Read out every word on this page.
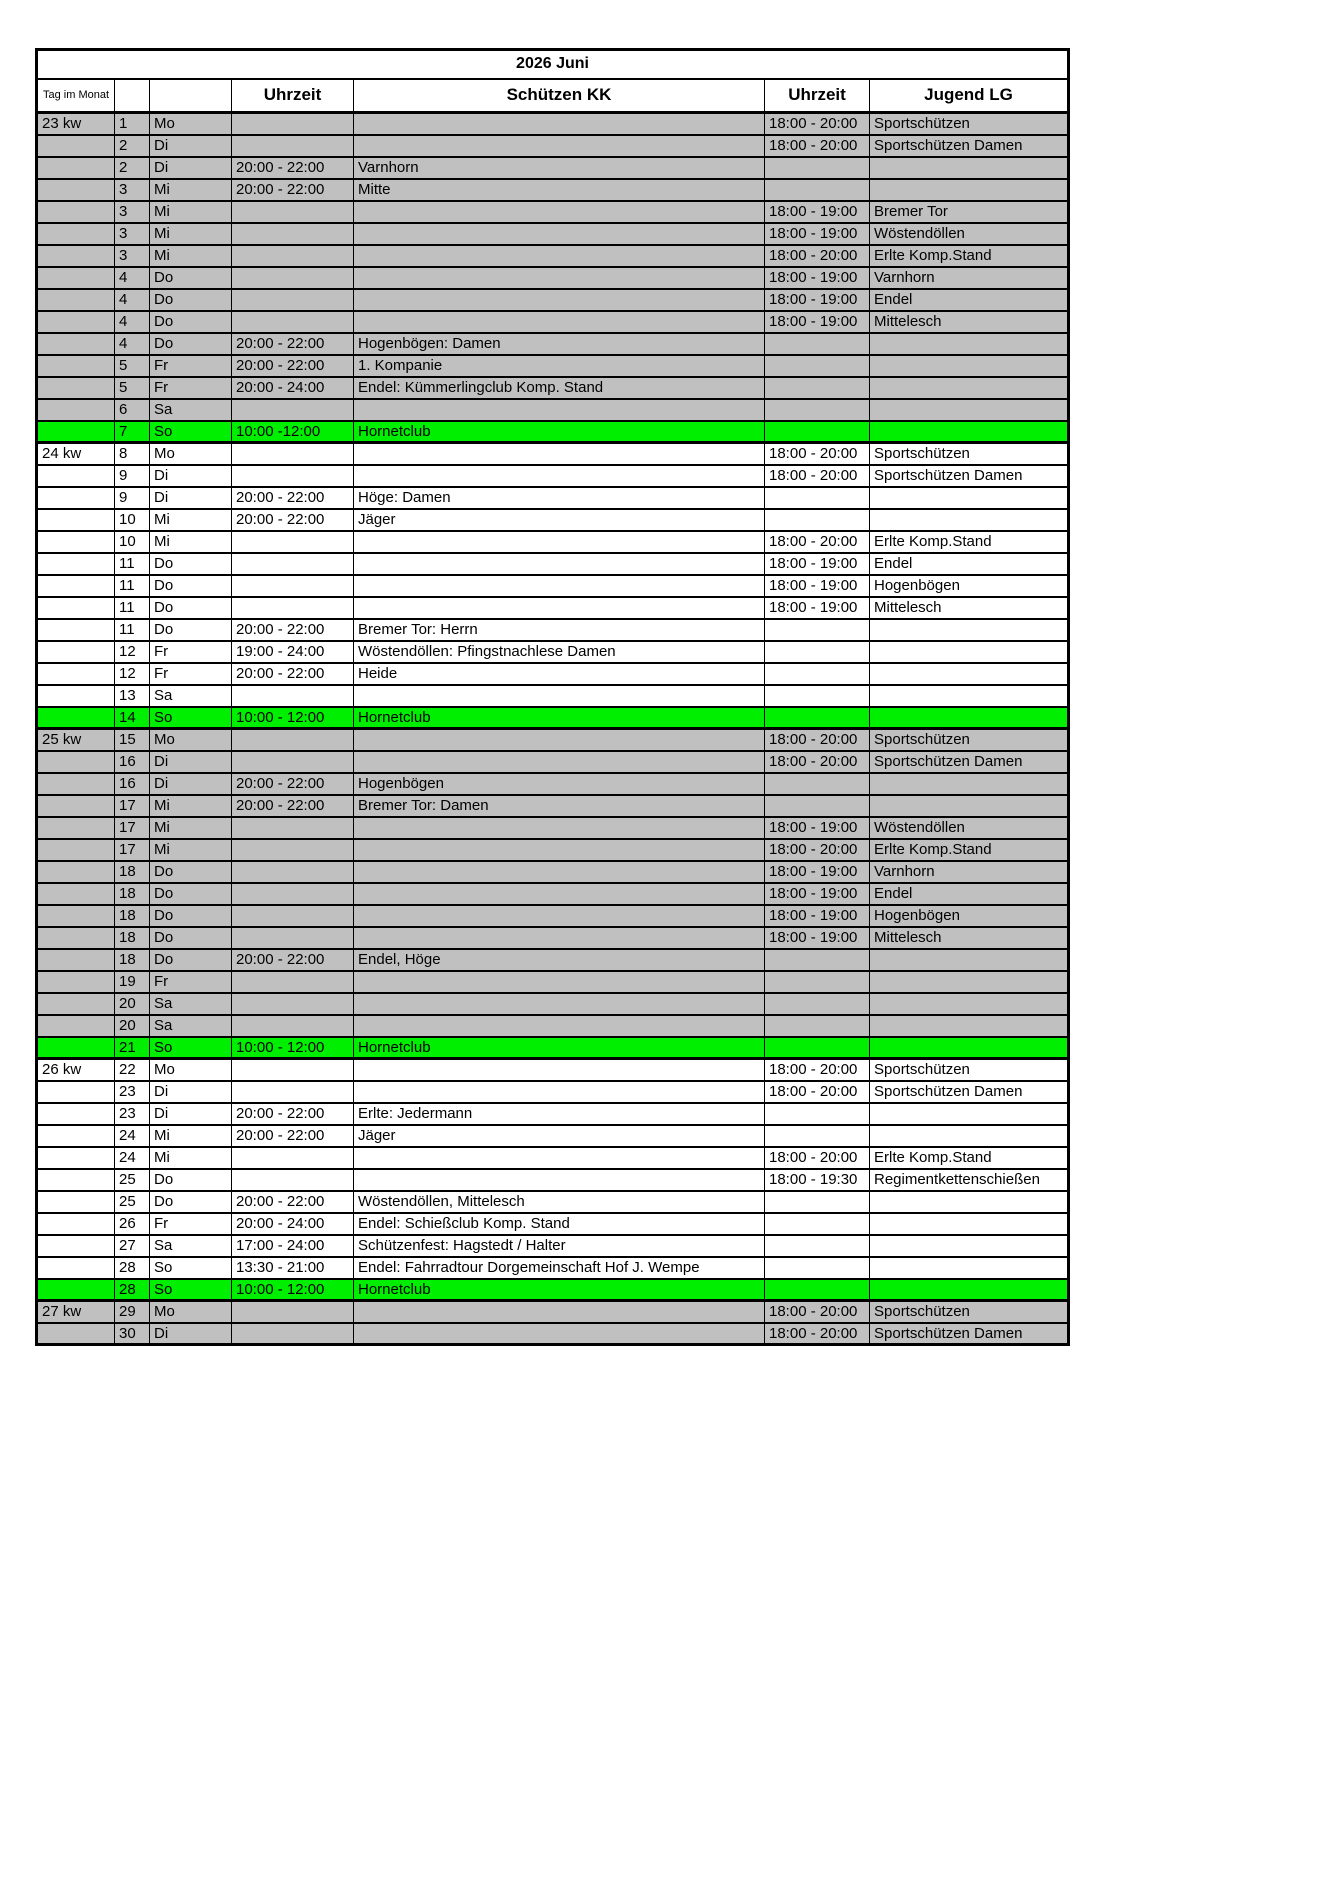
2026 Juni						
Tag im Monat			Uhrzeit	Schützen KK	Uhrzeit	Jugend LG
23 kw	1	Mo			18:00 - 20:00	Sportschützen
	2	Di			18:00 - 20:00	Sportschützen Damen
	2	Di	20:00 - 22:00	Varnhorn		
	3	Mi	20:00 - 22:00	Mitte		
	3	Mi			18:00 - 19:00	Bremer Tor
	3	Mi			18:00 - 19:00	Wöstendöllen
	3	Mi			18:00 - 20:00	Erlte Komp.Stand
	4	Do			18:00 - 19:00	Varnhorn
	4	Do			18:00 - 19:00	Endel
	4	Do			18:00 - 19:00	Mittelesch
	4	Do	20:00 - 22:00	Hogenbögen: Damen		
	5	Fr	20:00 - 22:00	1. Kompanie		
	5	Fr	20:00 - 24:00	Endel: Kümmerlingclub Komp. Stand		
	6	Sa				
	7	So	10:00 -12:00	Hornetclub		
24 kw	8	Mo			18:00 - 20:00	Sportschützen
	9	Di			18:00 - 20:00	Sportschützen Damen
	9	Di	20:00 - 22:00	Höge: Damen		
	10	Mi	20:00 - 22:00	Jäger		
	10	Mi			18:00 - 20:00	Erlte Komp.Stand
	11	Do			18:00 - 19:00	Endel
	11	Do			18:00 - 19:00	Hogenbögen
	11	Do			18:00 - 19:00	Mittelesch
	11	Do	20:00 - 22:00	Bremer Tor: Herrn		
	12	Fr	19:00 - 24:00	Wöstendöllen: Pfingstnachlese Damen		
	12	Fr	20:00 - 22:00	Heide		
	13	Sa				
	14	So	10:00 - 12:00	Hornetclub		
25 kw	15	Mo			18:00 - 20:00	Sportschützen
	16	Di			18:00 - 20:00	Sportschützen Damen
	16	Di	20:00 - 22:00	Hogenbögen		
	17	Mi	20:00 - 22:00	Bremer Tor: Damen		
	17	Mi			18:00 - 19:00	Wöstendöllen
	17	Mi			18:00 - 20:00	Erlte Komp.Stand
	18	Do			18:00 - 19:00	Varnhorn
	18	Do			18:00 - 19:00	Endel
	18	Do			18:00 - 19:00	Hogenbögen
	18	Do			18:00 - 19:00	Mittelesch
	18	Do	20:00 - 22:00	Endel, Höge		
	19	Fr				
	20	Sa				
	20	Sa				
	21	So	10:00 - 12:00	Hornetclub		
26 kw	22	Mo			18:00 - 20:00	Sportschützen
	23	Di			18:00 - 20:00	Sportschützen Damen
	23	Di	20:00 - 22:00	Erlte: Jedermann		
	24	Mi	20:00 - 22:00	Jäger		
	24	Mi			18:00 - 20:00	Erlte Komp.Stand
	25	Do			18:00 - 19:30	Regimentkettenschießen
	25	Do	20:00 - 22:00	Wöstendöllen, Mittelesch		
	26	Fr	20:00 - 24:00	Endel: Schießclub Komp. Stand		
	27	Sa	17:00 - 24:00	Schützenfest: Hagstedt / Halter		
	28	So	13:30 - 21:00	Endel: Fahrradtour Dorgemeinschaft Hof J. Wempe		
	28	So	10:00 - 12:00	Hornetclub		
27 kw	29	Mo			18:00 - 20:00	Sportschützen
	30	Di			18:00 - 20:00	Sportschützen Damen
